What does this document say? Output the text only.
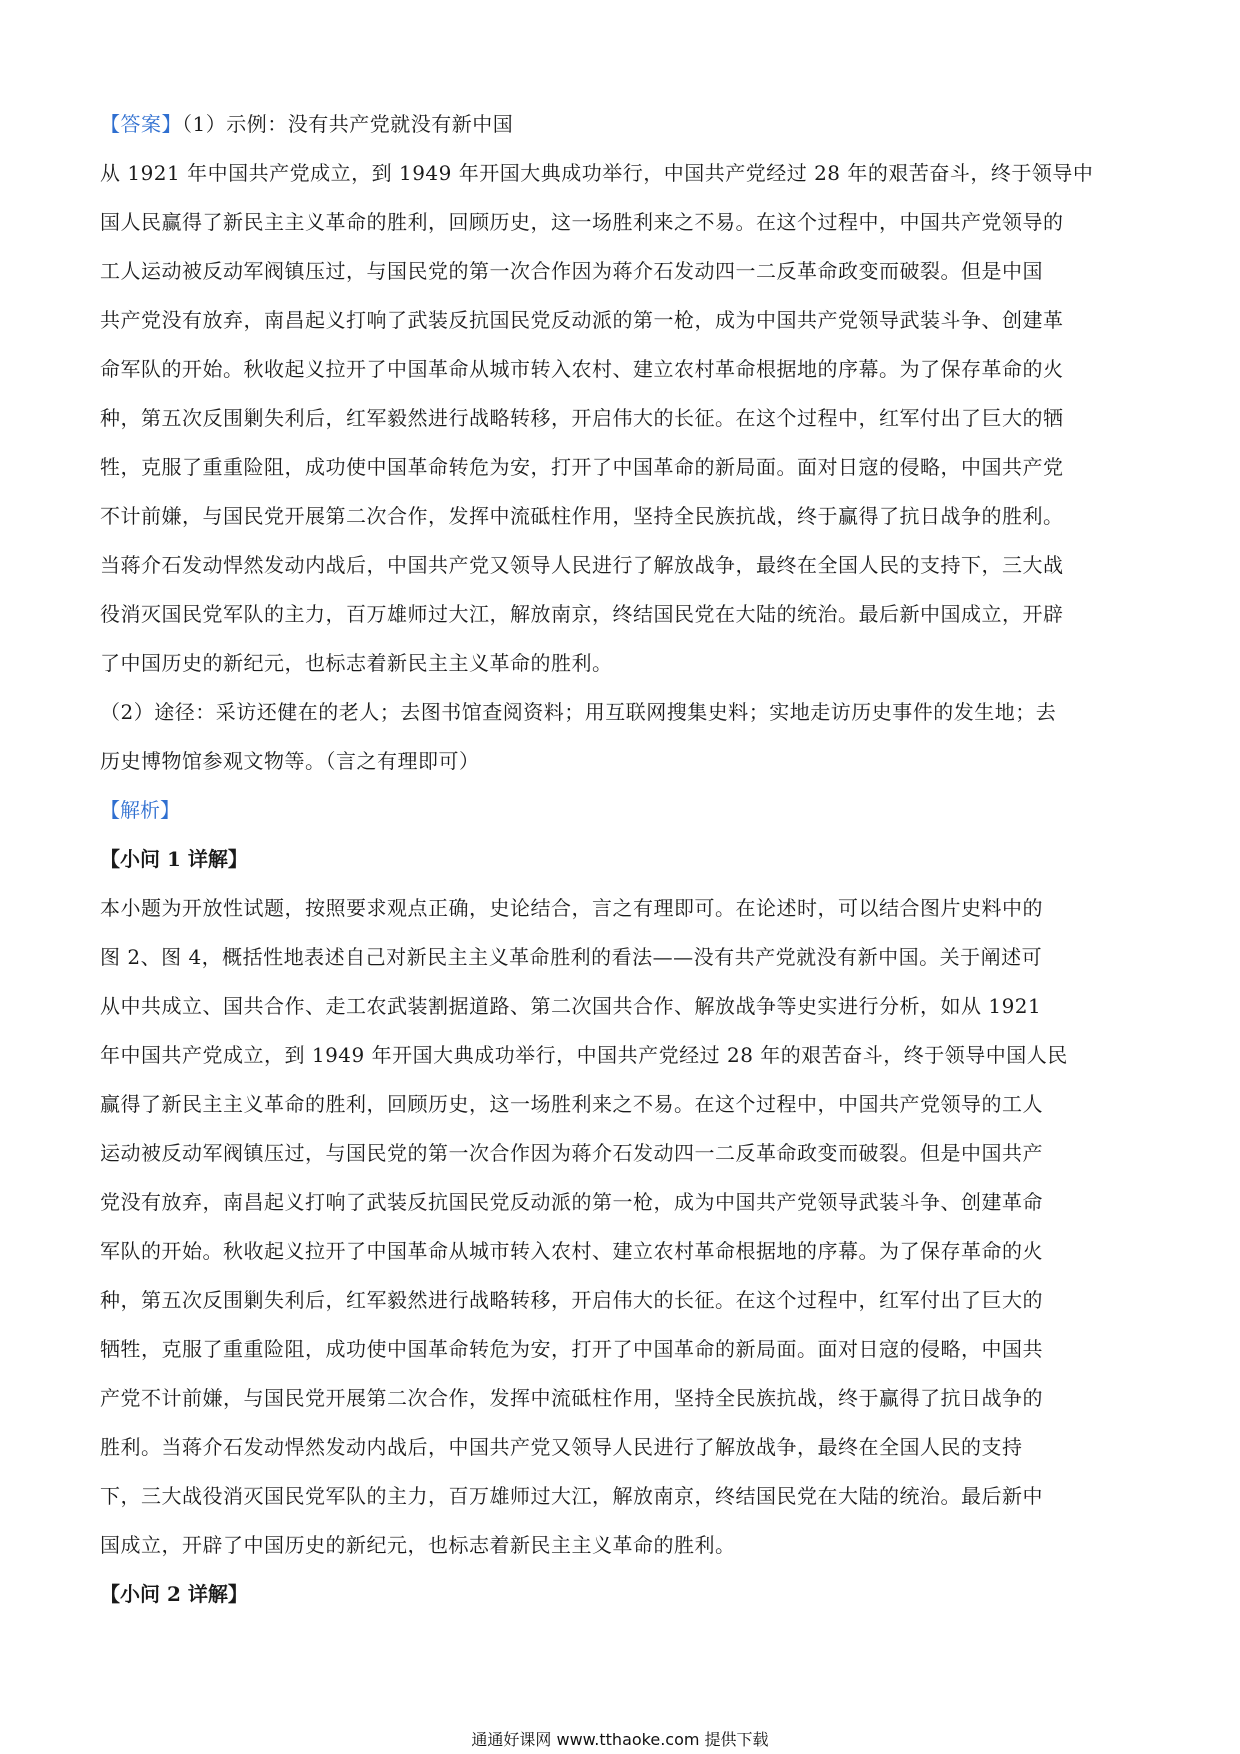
【答案】（1）示例：没有共产党就没有新中国

从 1921 年中国共产党成立，到 1949 年开国大典成功举行，中国共产党经过 28 年的艰苦奋斗，终于领导中
国人民赢得了新民主主义革命的胜利，回顾历史，这一场胜利来之不易。在这个过程中，中国共产党领导的
工人运动被反动军阀镇压过，与国民党的第一次合作因为蒋介石发动四一二反革命政变而破裂。但是中国
共产党没有放弃，南昌起义打响了武装反抗国民党反动派的第一枪，成为中国共产党领导武装斗争、创建革
命军队的开始。秋收起义拉开了中国革命从城市转入农村、建立农村革命根据地的序幕。为了保存革命的火
种，第五次反围剿失利后，红军毅然进行战略转移，开启伟大的长征。在这个过程中，红军付出了巨大的牺
牲，克服了重重险阻，成功使中国革命转危为安，打开了中国革命的新局面。面对日寇的侵略，中国共产党
不计前嫌，与国民党开展第二次合作，发挥中流砥柱作用，坚持全民族抗战，终于赢得了抗日战争的胜利。
当蒋介石发动悍然发动内战后，中国共产党又领导人民进行了解放战争，最终在全国人民的支持下，三大战
役消灭国民党军队的主力，百万雄师过大江，解放南京，终结国民党在大陆的统治。最后新中国成立，开辟
了中国历史的新纪元，也标志着新民主主义革命的胜利。

（2）途径：采访还健在的老人；去图书馆查阅资料；用互联网搜集史料；实地走访历史事件的发生地；去
历史博物馆参观文物等。（言之有理即可）

【解析】
【小问 1 详解】

本小题为开放性试题，按照要求观点正确，史论结合，言之有理即可。在论述时，可以结合图片史料中的
图 2、图 4，概括性地表述自己对新民主主义革命胜利的看法——没有共产党就没有新中国。关于阐述可
从中共成立、国共合作、走工农武装割据道路、第二次国共合作、解放战争等史实进行分析，如从 1921
年中国共产党成立，到 1949 年开国大典成功举行，中国共产党经过 28 年的艰苦奋斗，终于领导中国人民
赢得了新民主主义革命的胜利，回顾历史，这一场胜利来之不易。在这个过程中，中国共产党领导的工人
运动被反动军阀镇压过，与国民党的第一次合作因为蒋介石发动四一二反革命政变而破裂。但是中国共产
党没有放弃，南昌起义打响了武装反抗国民党反动派的第一枪，成为中国共产党领导武装斗争、创建革命
军队的开始。秋收起义拉开了中国革命从城市转入农村、建立农村革命根据地的序幕。为了保存革命的火
种，第五次反围剿失利后，红军毅然进行战略转移，开启伟大的长征。在这个过程中，红军付出了巨大的
牺牲，克服了重重险阻，成功使中国革命转危为安，打开了中国革命的新局面。面对日寇的侵略，中国共
产党不计前嫌，与国民党开展第二次合作，发挥中流砥柱作用，坚持全民族抗战，终于赢得了抗日战争的
胜利。当蒋介石发动悍然发动内战后，中国共产党又领导人民进行了解放战争，最终在全国人民的支持
下，三大战役消灭国民党军队的主力，百万雄师过大江，解放南京，终结国民党在大陆的统治。最后新中
国成立，开辟了中国历史的新纪元，也标志着新民主主义革命的胜利。

【小问 2 详解】
通通好课网 www.tthaoke.com 提供下载
